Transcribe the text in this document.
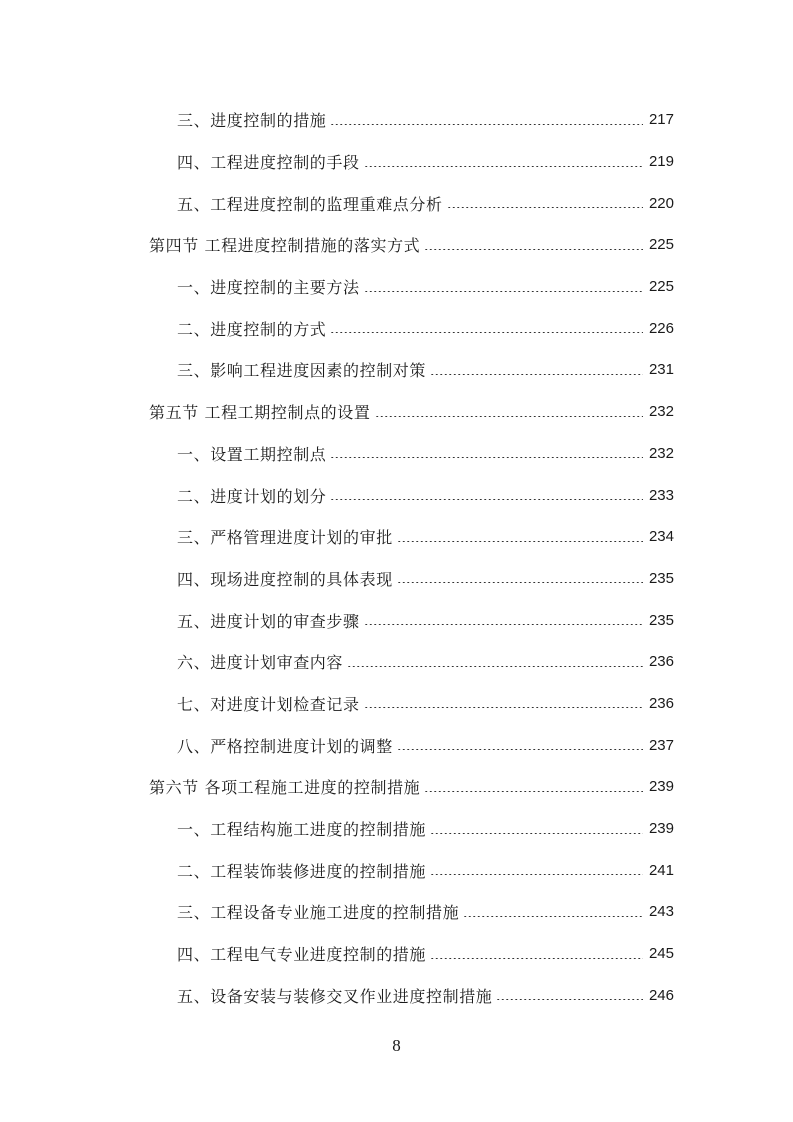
三、进度控制的措施	217
四、工程进度控制的手段	219
五、工程进度控制的监理重难点分析	220
第四节 工程进度控制措施的落实方式	225
一、进度控制的主要方法	225
二、进度控制的方式	226
三、影响工程进度因素的控制对策	231
第五节 工程工期控制点的设置	232
一、设置工期控制点	232
二、进度计划的划分	233
三、严格管理进度计划的审批	234
四、现场进度控制的具体表现	235
五、进度计划的审查步骤	235
六、进度计划审查内容	236
七、对进度计划检查记录	236
八、严格控制进度计划的调整	237
第六节 各项工程施工进度的控制措施	239
一、工程结构施工进度的控制措施	239
二、工程装饰装修进度的控制措施	241
三、工程设备专业施工进度的控制措施	243
四、工程电气专业进度控制的措施	245
五、设备安装与装修交叉作业进度控制措施	246
8
